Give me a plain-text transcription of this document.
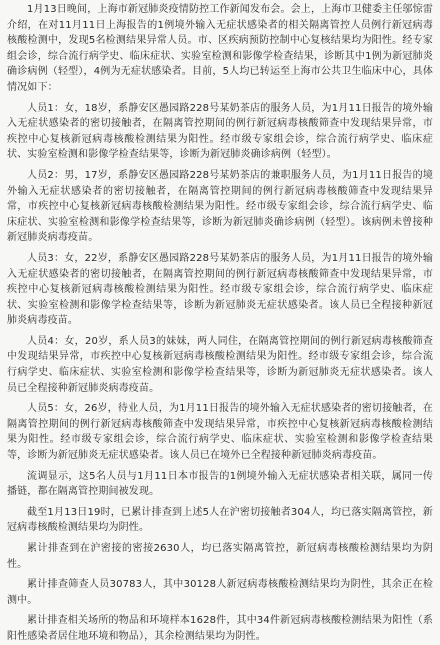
1月13日晚间，上海市新冠肺炎疫情防控工作新闻发布会。会上，上海市卫健委主任邬惊雷介绍，在对11月11日上海报告的1例境外输入无症状感染者的相关隔离管控人员例行新冠病毒核酸检测中，发现5名检测结果异常人员。市、区疾病预防控制中心复核结果均为阳性。经专家组会诊，综合流行病学史、临床症状、实验室检测和影像学检查结果，诊断其中1例为新冠肺炎确诊病例（轻型），4例为无症状感染者。目前，5人均已转运至上海市公共卫生临床中心，具体情况如下：

人员1：女，18岁，系静安区愚园路228号某奶茶店的服务人员，为1月11日报告的境外输入无症状感染者的密切接触者，在隔离管控期间的例行新冠病毒核酸筛查中发现结果异常，市疾控中心复核新冠病毒核酸检测结果为阳性。经市级专家组会诊，综合流行病学史、临床症状、实验室检测和影像学检查结果等，诊断为新冠肺炎确诊病例（轻型）。

人员2：男，17岁，系静安区愚园路228号某奶茶店的兼职服务人员，为1月11日报告的境外输入无症状感染者的密切接触者，在隔离管控期间的例行新冠病毒核酸筛查中发现结果异常，市疾控中心复核新冠病毒核酸检测结果为阳性。经市级专家组会诊，综合流行病学史、临床症状、实验室检测和影像学检查结果等，诊断为新冠肺炎确诊病例（轻型）。该病例未曾接种新冠肺炎病毒疫苗。

人员3：女，22岁，系静安区愚园路228号某奶茶店的服务人员，为1月11日报告的境外输入无症状感染者的密切接触者，在隔离管控期间的例行新冠病毒核酸筛查中发现结果异常，市疾控中心复核新冠病毒核酸检测结果为阳性。经市级专家组会诊，综合流行病学史、临床症状、实验室检测和影像学检查结果等，诊断为新冠肺炎无症状感染者。该人员已全程接种新冠肺炎病毒疫苗。

人员4：女，20岁，系人员3的妹妹，两人同住，在隔离管控期间的例行新冠病毒核酸筛查中发现结果异常，市疾控中心复核新冠病毒核酸检测结果为阳性。经市级专家组会诊，综合流行病学史、临床症状、实验室检测和影像学检查结果等，诊断为新冠肺炎无症状感染者。该人员已全程接种新冠肺炎病毒疫苗。

人员5：女，26岁，待业人员，为1月11日报告的境外输入无症状感染者的密切接触者，在隔离管控期间的例行新冠病毒核酸筛查中发现结果异常，市疾控中心复核新冠病毒核酸检测结果为阳性。经市级专家组会诊，综合流行病学史、临床症状、实验室检测和影像学检查结果等，诊断为新冠肺炎无症状感染者。该人员已在境外已全程接种新冠肺炎病毒疫苗。

流调显示，这5名人员与1月11日本市报告的1例境外输入无症状感染者相关联，属同一传播链，都在隔离管控期间被发现。

截至1月13日19时，已累计排查到上述5人在沪密切接触者304人，均已落实隔离管控，新冠病毒核酸检测结果均为阴性。

累计排查到在沪密接的密接2630人，均已落实隔离管控，新冠病毒核酸检测结果均为阴性。

累计排查筛查人员30783人，其中30128人新冠病毒核酸检测结果均为阴性，其余正在检测中。

累计排查相关场所的物品和环境样本1628件，其中34件新冠病毒核酸检测结果为阳性（系阳性感染者居住地环境和物品），其余检测结果均为阴性。
